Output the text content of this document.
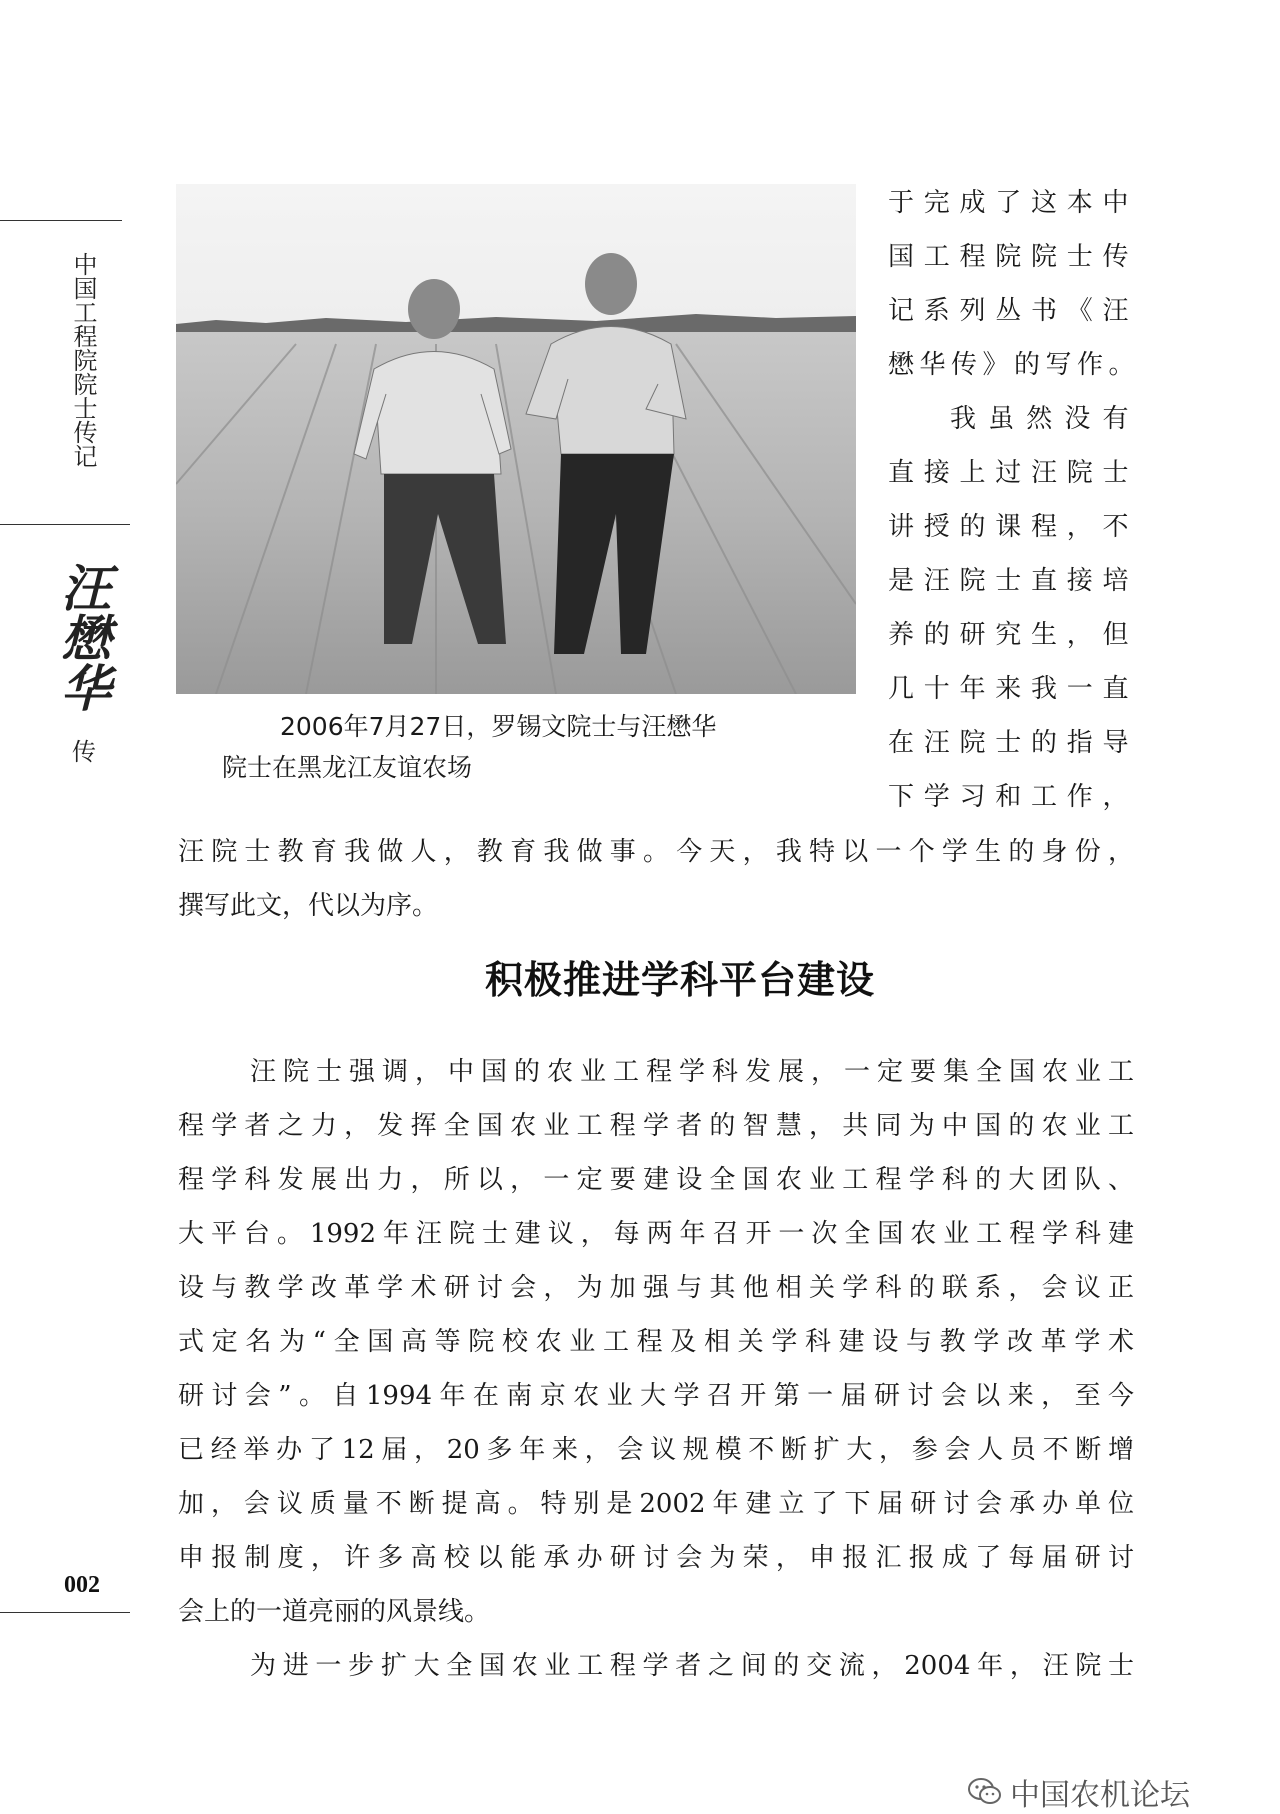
中国工程院院士传记
汪懋华
传
002
2006年7月27日，罗锡文院士与汪懋华
院士在黑龙江友谊农场
于完成了这本中
国工程院院士传
记系列丛书《汪
懋华传》的写作。
我虽然没有
直接上过汪院士
讲授的课程，不
是汪院士直接培
养的研究生，但
几十年来我一直
在汪院士的指导
下学习和工作，
汪院士教育我做人，教育我做事。今天，我特以一个学生的身份，
撰写此文，代以为序。
积极推进学科平台建设
汪院士强调，中国的农业工程学科发展，一定要集全国农业工
程学者之力，发挥全国农业工程学者的智慧，共同为中国的农业工
程学科发展出力，所以，一定要建设全国农业工程学科的大团队、
大平台。1992年汪院士建议，每两年召开一次全国农业工程学科建
设与教学改革学术研讨会，为加强与其他相关学科的联系，会议正
式定名为“全国高等院校农业工程及相关学科建设与教学改革学术
研讨会”。自1994年在南京农业大学召开第一届研讨会以来，至今
已经举办了12届，20多年来，会议规模不断扩大，参会人员不断增
加，会议质量不断提高。特别是2002年建立了下届研讨会承办单位
申报制度，许多高校以能承办研讨会为荣，申报汇报成了每届研讨
会上的一道亮丽的风景线。
为进一步扩大全国农业工程学者之间的交流，2004年，汪院士
中国农机论坛
